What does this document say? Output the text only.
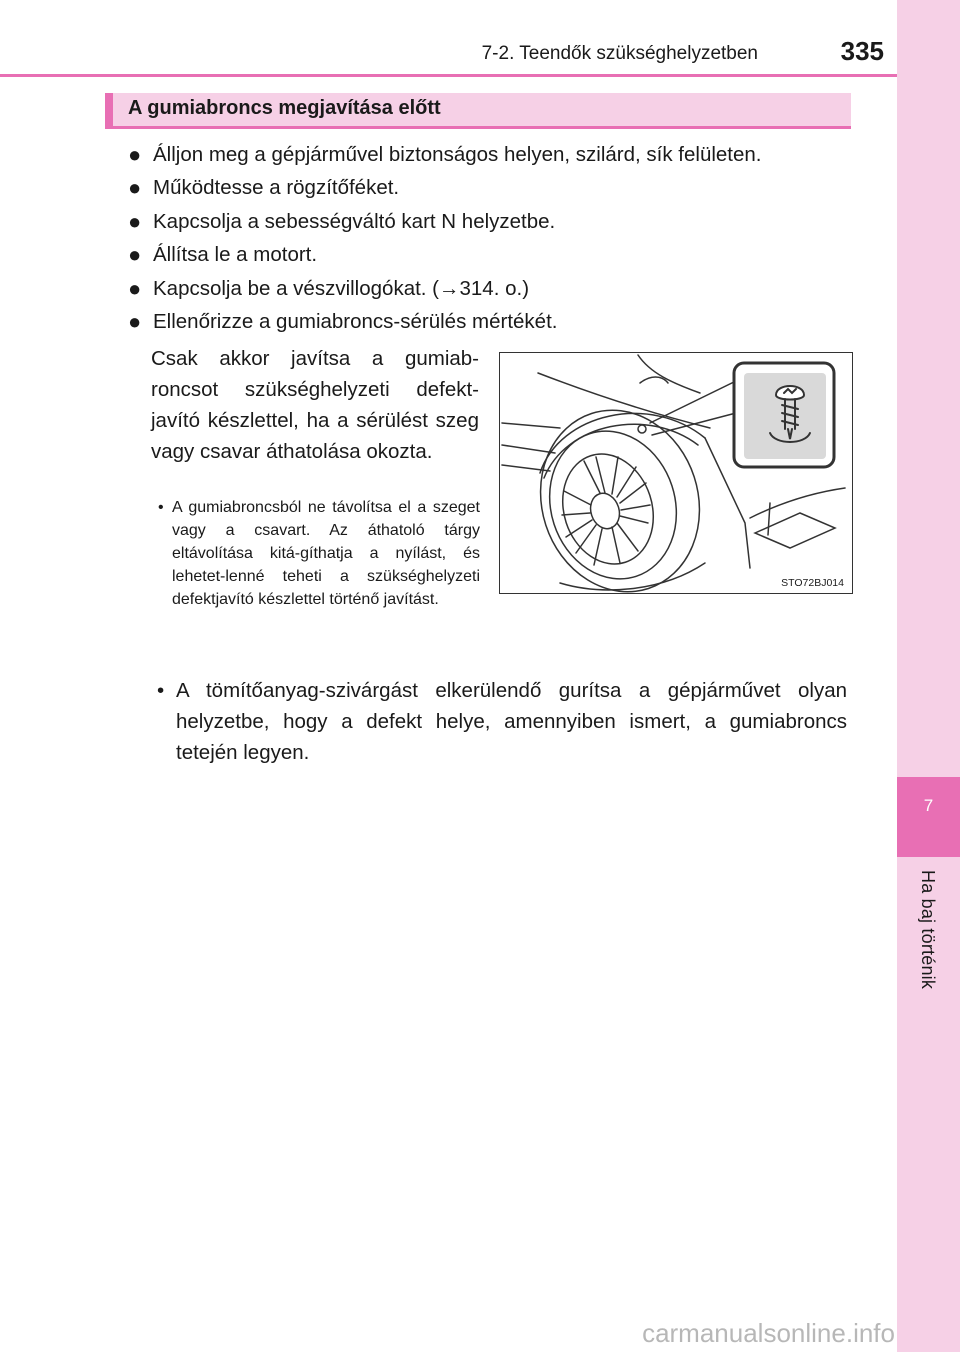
7
Ha baj történik
7-2. Teendők szükséghelyzetben	335
A gumiabroncs megjavítása előtt
● Álljon meg a gépjárművel biztonságos helyen, szilárd, sík felületen.
● Működtesse a rögzítőféket.
● Kapcsolja a sebességváltó kart N helyzetbe.
● Állítsa le a motort.
● Kapcsolja be a vészvillogókat. (→314. o.)
● Ellenőrizze a gumiabroncs-sérülés mértékét.

Csak akkor javítsa a gumiab-roncsot szükséghelyzeti defekt-javító készlettel, ha a sérülést szeg vagy csavar áthatolása okozta.

• A gumiabroncsból ne távolítsa el a szeget vagy a csavart. Az áthatoló tárgy eltávolítása kitá-gíthatja a nyílást, és lehetet-lenné teheti a szükséghelyzeti defektjavító készlettel történő javítást.
STO72BJ014
• A tömítőanyag-szivárgást elkerülendő gurítsa a gépjárművet olyan helyzetbe, hogy a defekt helye, amennyiben ismert, a gumiabroncs tetején legyen.
carmanualsonline.info
